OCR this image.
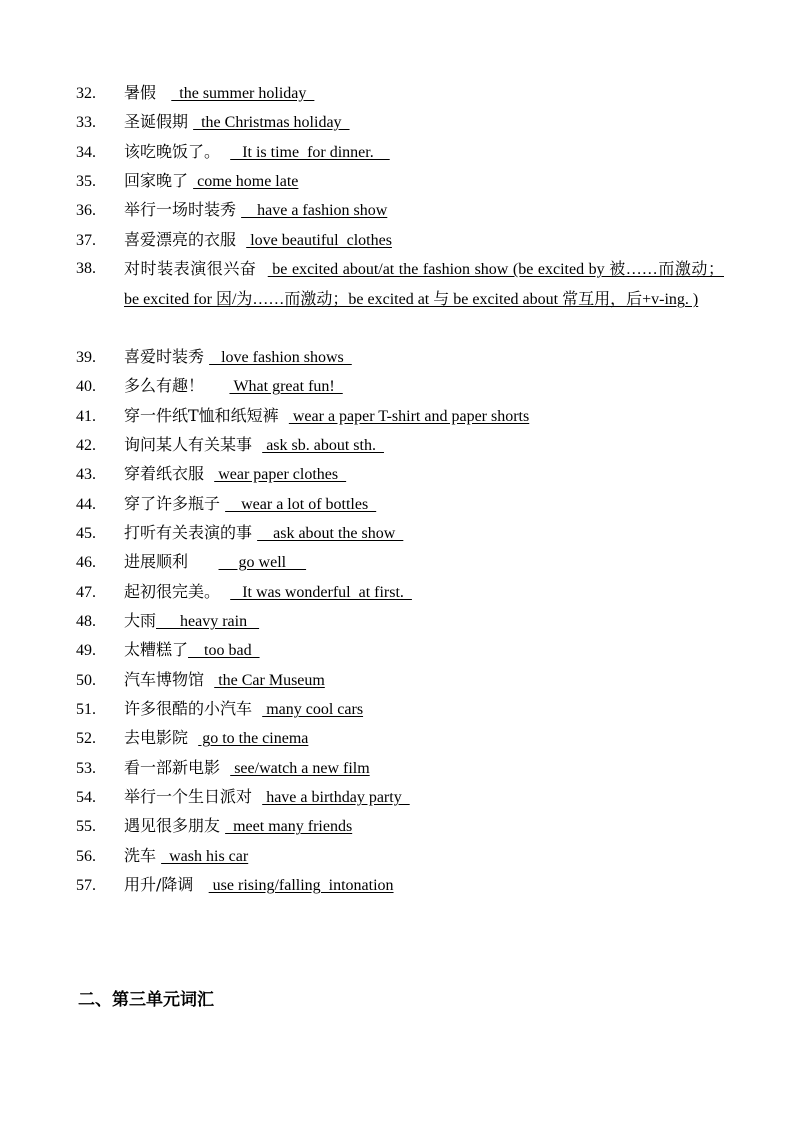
32. 暑假     the summer holiday
33. 圣诞假期   the Christmas holiday
34. 该吃晚饭了。     It is time  for dinner.
35. 回家晚了  come home late
36. 举行一场时装秀     have a fashion show
37. 喜爱漂亮的衣服   love beautiful  clothes
38.	对时装表演很兴奋   be excited about/at the fashion show (be excited by 被……而激动；be excited for 因/为……而激动；be excited at 与 be excited about 常互用，后+v-ing. )
39. 喜爱时装秀    love fashion shows
40. 多么有趣！      What great fun!
41. 穿一件纸T恤和纸短裤   wear a paper T-shirt and paper shorts
42. 询问某人有关某事   ask sb. about sth.
43. 穿着纸衣服   wear paper clothes
44. 穿了许多瓶子     wear a lot of bottles
45. 打听有关表演的事     ask about the show
46. 进展顺利           go well
47. 起初很完美。     It was wonderful  at first.
48. 大雨      heavy rain
49. 太糟糕了    too bad
50. 汽车博物馆   the Car Museum
51. 许多很酷的小汽车   many cool cars
52. 去电影院   go to the cinema
53. 看一部新电影   see/watch a new film
54. 举行一个生日派对   have a birthday party
55. 遇见很多朋友   meet many friends
56. 洗车   wash his car
57. 用升/降调    use rising/falling  intonation
二、第三单元词汇
